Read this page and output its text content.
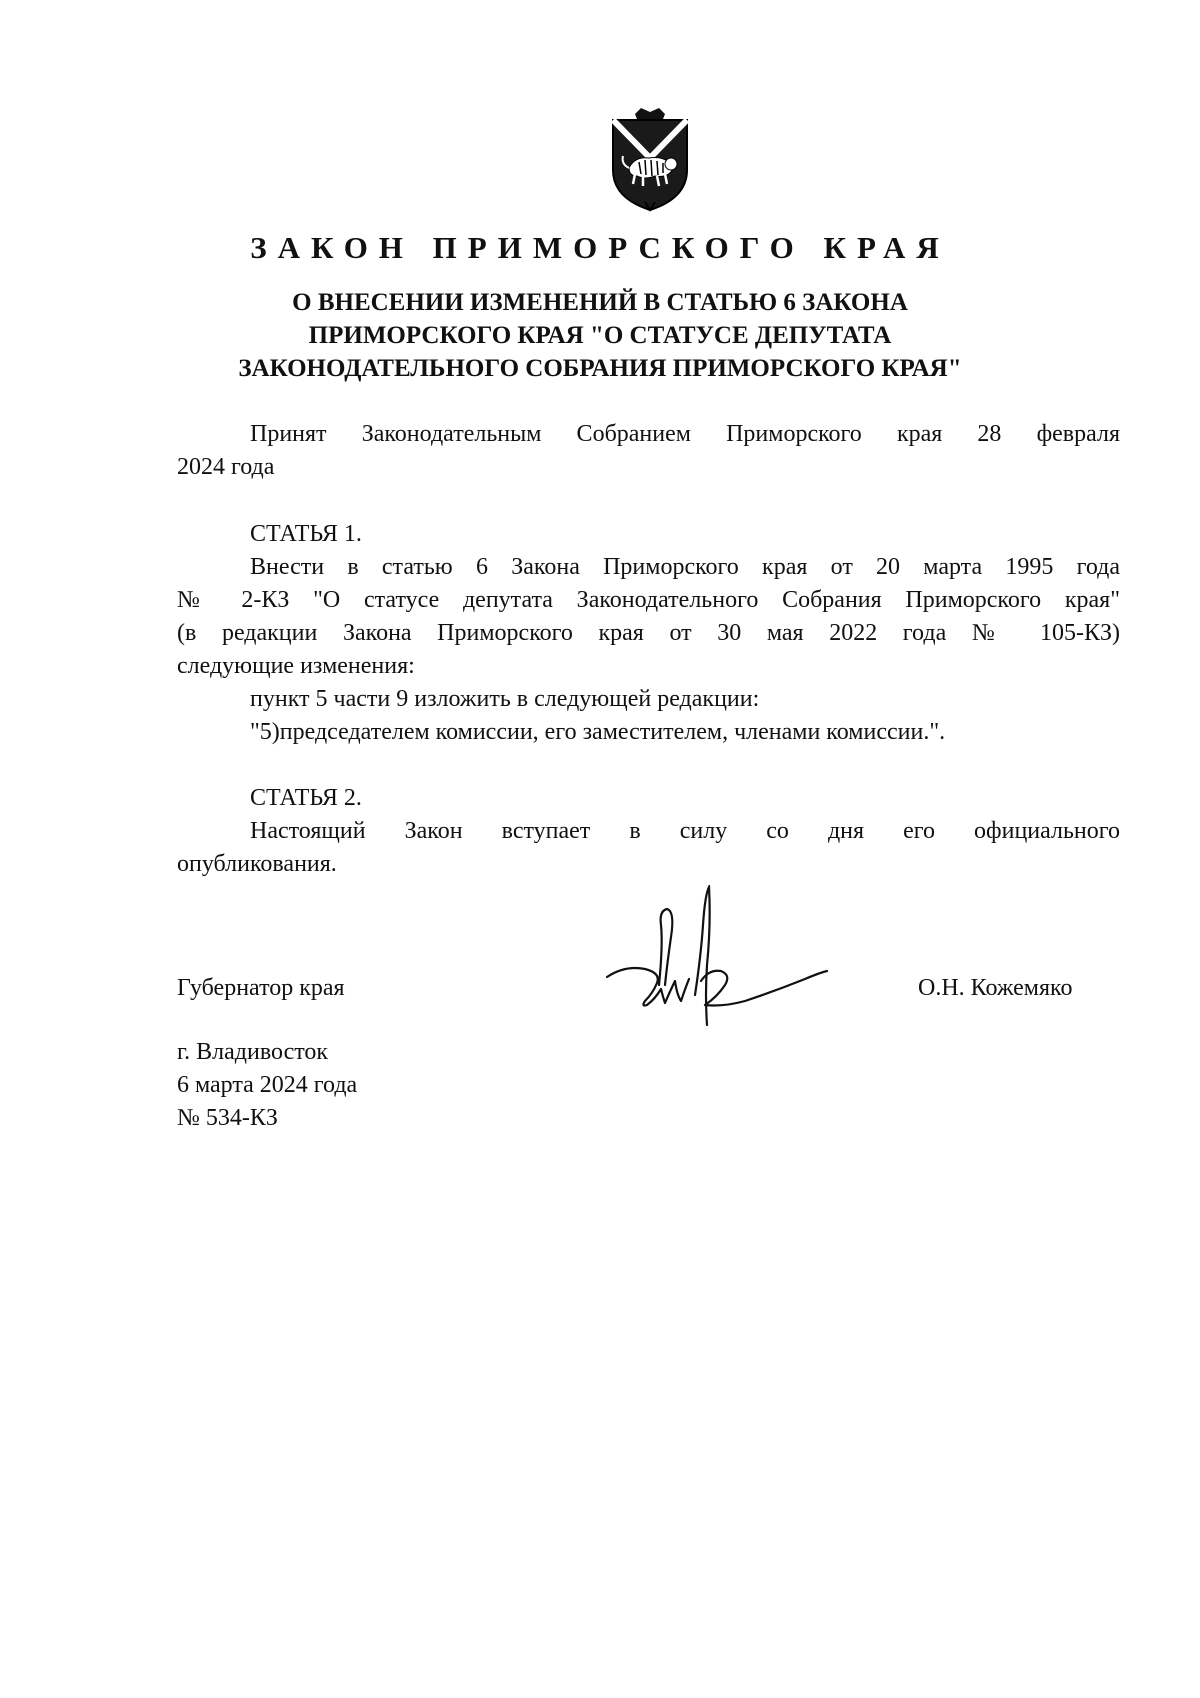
ЗАКОН ПРИМОРСКОГО КРАЯ
О ВНЕСЕНИИ ИЗМЕНЕНИЙ В СТАТЬЮ 6 ЗАКОНА
ПРИМОРСКОГО КРАЯ "О СТАТУСЕ ДЕПУТАТА
ЗАКОНОДАТЕЛЬНОГО СОБРАНИЯ ПРИМОРСКОГО КРАЯ"
Принят Законодательным Собранием Приморского края 28 февраля
2024 года
СТАТЬЯ 1.
Внести в статью 6 Закона Приморского края от 20 марта 1995 года
№ 2-КЗ "О статусе депутата Законодательного Собрания Приморского края"
(в редакции Закона Приморского края от 30 мая 2022 года № 105-КЗ)
следующие изменения:
пункт 5 части 9 изложить в следующей редакции:
"5)председателем комиссии, его заместителем, членами комиссии.".
СТАТЬЯ 2.
Настоящий Закон вступает в силу со дня его официального
опубликования.
Губернатор края	О.Н. Кожемяко
г. Владивосток
6 марта 2024 года
№ 534-КЗ
